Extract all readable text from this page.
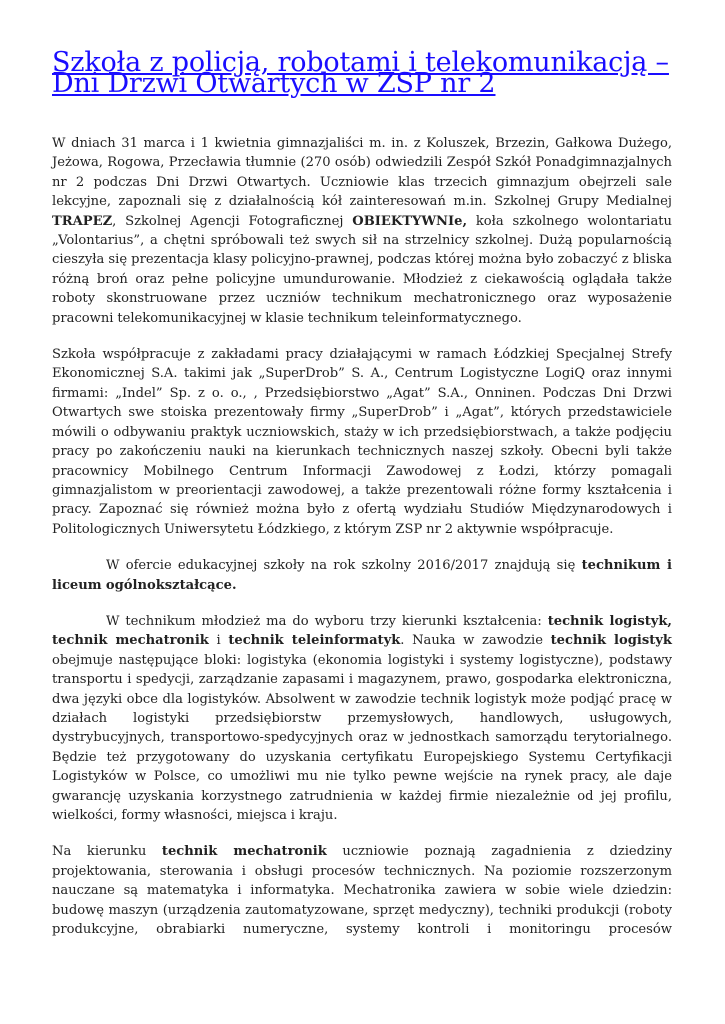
Szkoła z policją, robotami i telekomunikacją – Dni Drzwi Otwartych w ZSP nr 2

W dniach 31 marca i 1 kwietnia gimnazjaliści m. in. z Koluszek, Brzezin, Gałkowa Dużego, Jeżowa, Rogowa, Przecławia tłumnie (270 osób) odwiedzili Zespół Szkół Ponadgimnazjalnych nr 2 podczas Dni Drzwi Otwartych. Uczniowie klas trzecich gimnazjum obejrzeli sale lekcyjne, zapoznali się z działalnością kół zainteresowań m.in. Szkolnej Grupy Medialnej TRAPEZ, Szkolnej Agencji Fotograficznej OBIEKTYWNIe, koła szkolnego wolontariatu „Volontarius”, a chętni spróbowali też swych sił na strzelnicy szkolnej. Dużą popularnością cieszyła się prezentacja klasy policyjno-prawnej, podczas której można było zobaczyć z bliska różną broń oraz pełne policyjne umundurowanie. Młodzież z ciekawością oglądała także roboty skonstruowane przez uczniów technikum mechatronicznego oraz wyposażenie pracowni telekomunikacyjnej w klasie technikum teleinformatycznego.

Szkoła współpracuje z zakładami pracy działającymi w ramach Łódzkiej Specjalnej Strefy Ekonomicznej S.A. takimi jak „SuperDrob” S. A., Centrum Logistyczne LogiQ oraz innymi firmami: „Indel” Sp. z o. o., , Przedsiębiorstwo „Agat” S.A., Onninen. Podczas Dni Drzwi Otwartych swe stoiska prezentowały firmy „SuperDrob” i „Agat”, których przedstawiciele mówili o odbywaniu praktyk uczniowskich, staży w ich przedsiębiorstwach, a także podjęciu pracy po zakończeniu nauki na kierunkach technicznych naszej szkoły. Obecni byli także pracownicy Mobilnego Centrum Informacji Zawodowej z Łodzi, którzy pomagali gimnazjalistom w preorientacji zawodowej, a także prezentowali różne formy kształcenia i pracy. Zapoznać się również można było z ofertą wydziału Studiów Międzynarodowych i Politologicznych Uniwersytetu Łódzkiego, z którym ZSP nr 2 aktywnie współpracuje.

W ofercie edukacyjnej szkoły na rok szkolny 2016/2017 znajdują się technikum i liceum ogólnokształcące.

W technikum młodzież ma do wyboru trzy kierunki kształcenia: technik logistyk, technik mechatronik i technik teleinformatyk. Nauka w zawodzie technik logistyk obejmuje następujące bloki: logistyka (ekonomia logistyki i systemy logistyczne), podstawy transportu i spedycji, zarządzanie zapasami i magazynem, prawo, gospodarka elektroniczna, dwa języki obce dla logistyków. Absolwent w zawodzie technik logistyk może podjąć pracę w działach logistyki przedsiębiorstw przemysłowych, handlowych, usługowych, dystrybucyjnych, transportowo-spedycyjnych oraz w jednostkach samorządu terytorialnego. Będzie też przygotowany do uzyskania certyfikatu Europejskiego Systemu Certyfikacji Logistyków w Polsce, co umożliwi mu nie tylko pewne wejście na rynek pracy, ale daje gwarancję uzyskania korzystnego zatrudnienia w każdej firmie niezależnie od jej profilu, wielkości, formy własności, miejsca i kraju.

Na kierunku technik mechatronik uczniowie poznają zagadnienia z dziedziny projektowania, sterowania i obsługi procesów technicznych. Na poziomie rozszerzonym nauczane są matematyka i informatyka. Mechatronika zawiera w sobie wiele dziedzin: budowę maszyn (urządzenia zautomatyzowane, sprzęt medyczny), techniki produkcji (roboty produkcyjne, obrabiarki numeryczne, systemy kontroli i monitoringu procesów
